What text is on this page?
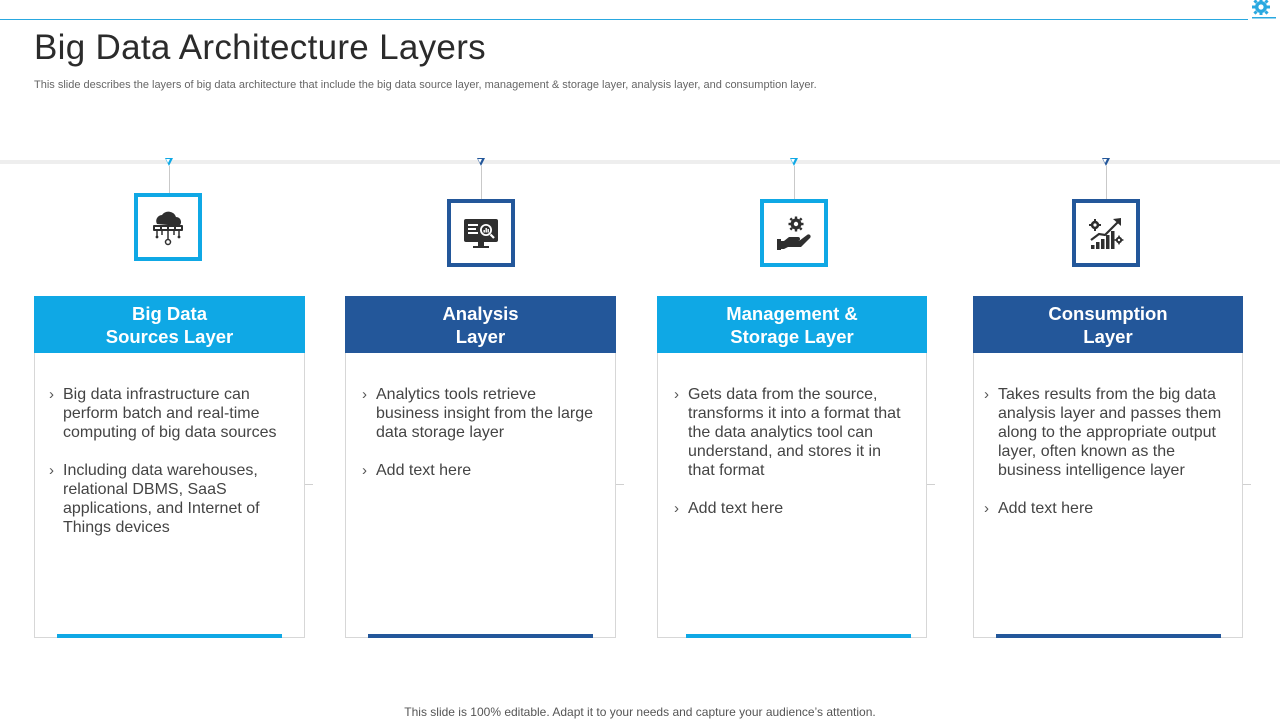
Big Data Architecture Layers
This slide describes the layers of big data architecture that include the big data source layer, management & storage layer, analysis layer, and consumption layer.
Big Data
Sources Layer
› Big data infrastructure can perform batch and real-time computing of big data sources
› Including data warehouses, relational DBMS, SaaS applications, and Internet of Things devices
Analysis
Layer
› Analytics tools retrieve business insight from the large data storage layer
› Add text here
Management &
Storage Layer
› Gets data from the source, transforms it into a format that the data analytics tool can understand, and stores it in that format
› Add text here
Consumption
Layer
› Takes results from the big data analysis layer and passes them along to the appropriate output layer, often known as the business intelligence layer
› Add text here
This slide is 100% editable. Adapt it to your needs and capture your audience’s attention.
